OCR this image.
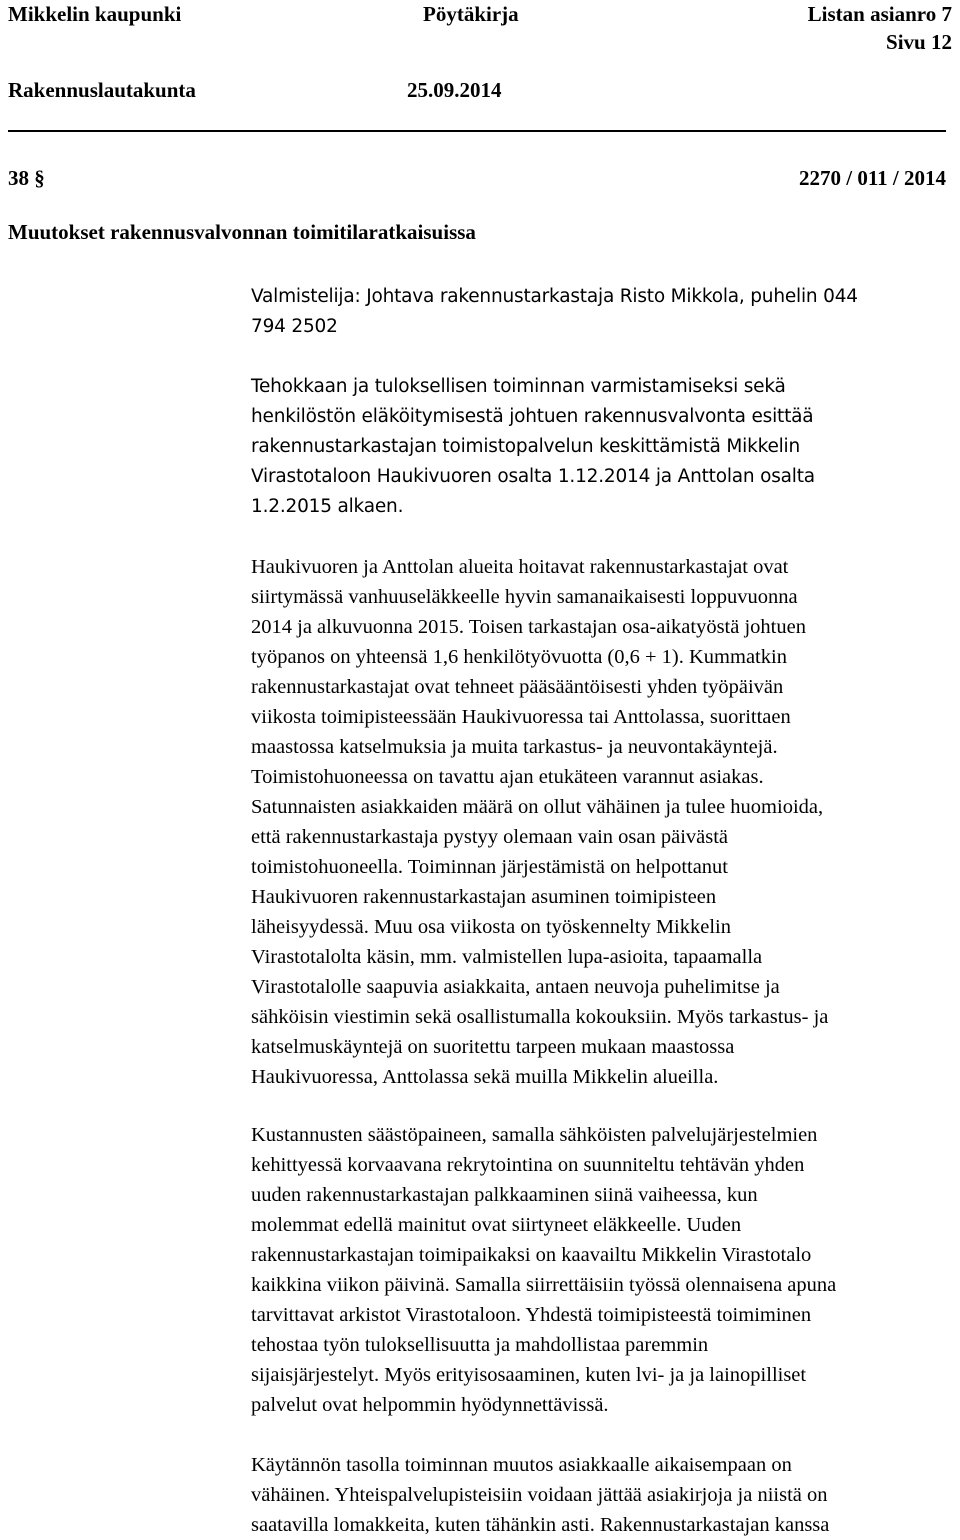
Mikkelin kaupunki	Pöytäkirja	Listan asianro 7
Sivu 12
Rakennuslautakunta	25.09.2014
38 §	2270 / 011 / 2014
Muutokset rakennusvalvonnan toimitilaratkaisuissa
Valmistelija: Johtava rakennustarkastaja Risto Mikkola, puhelin 044
794 2502
Tehokkaan ja tuloksellisen toiminnan varmistamiseksi sekä
henkilöstön eläköitymisestä johtuen rakennusvalvonta esittää
rakennustarkastajan toimistopalvelun keskittämistä Mikkelin
Virastotaloon Haukivuoren osalta 1.12.2014 ja Anttolan osalta
1.2.2015 alkaen.
Haukivuoren ja Anttolan alueita hoitavat rakennustarkastajat ovat
siirtymässä vanhuuseläkkeelle hyvin samanaikaisesti loppuvuonna
2014 ja alkuvuonna 2015. Toisen tarkastajan osa-aikatyöstä johtuen
työpanos on yhteensä 1,6 henkilötyövuotta (0,6 + 1). Kummatkin
rakennustarkastajat ovat tehneet pääsääntöisesti yhden työpäivän
viikosta toimipisteessään Haukivuoressa tai Anttolassa, suorittaen
maastossa katselmuksia ja muita tarkastus- ja neuvontakäyntejä.
Toimistohuoneessa on tavattu ajan etukäteen varannut asiakas.
Satunnaisten asiakkaiden määrä on ollut vähäinen ja tulee huomioida,
että rakennustarkastaja pystyy olemaan vain osan päivästä
toimistohuoneella. Toiminnan järjestämistä on helpottanut
Haukivuoren rakennustarkastajan asuminen toimipisteen
läheisyydessä. Muu osa viikosta on työskennelty Mikkelin
Virastotalolta käsin, mm. valmistellen lupa-asioita, tapaamalla
Virastotalolle saapuvia asiakkaita, antaen neuvoja puhelimitse ja
sähköisin viestimin sekä osallistumalla kokouksiin. Myös tarkastus- ja
katselmuskäyntejä on suoritettu tarpeen mukaan maastossa
Haukivuoressa, Anttolassa sekä muilla Mikkelin alueilla.
Kustannusten säästöpaineen, samalla sähköisten palvelujärjestelmien
kehittyessä korvaavana rekrytointina on suunniteltu tehtävän yhden
uuden rakennustarkastajan palkkaaminen siinä vaiheessa, kun
molemmat edellä mainitut ovat siirtyneet eläkkeelle. Uuden
rakennustarkastajan toimipaikaksi on kaavailtu Mikkelin Virastotalo
kaikkina viikon päivinä. Samalla siirrettäisiin työssä olennaisena apuna
tarvittavat arkistot Virastotaloon. Yhdestä toimipisteestä toimiminen
tehostaa työn tuloksellisuutta ja mahdollistaa paremmin
sijaisjärjestelyt. Myös erityisosaaminen, kuten lvi- ja ja lainopilliset
palvelut ovat helpommin hyödynnettävissä.
Käytännön tasolla toiminnan muutos asiakkaalle aikaisempaan on
vähäinen. Yhteispalvelupisteisiin voidaan jättää asiakirjoja ja niistä on
saatavilla lomakkeita, kuten tähänkin asti. Rakennustarkastajan kanssa
